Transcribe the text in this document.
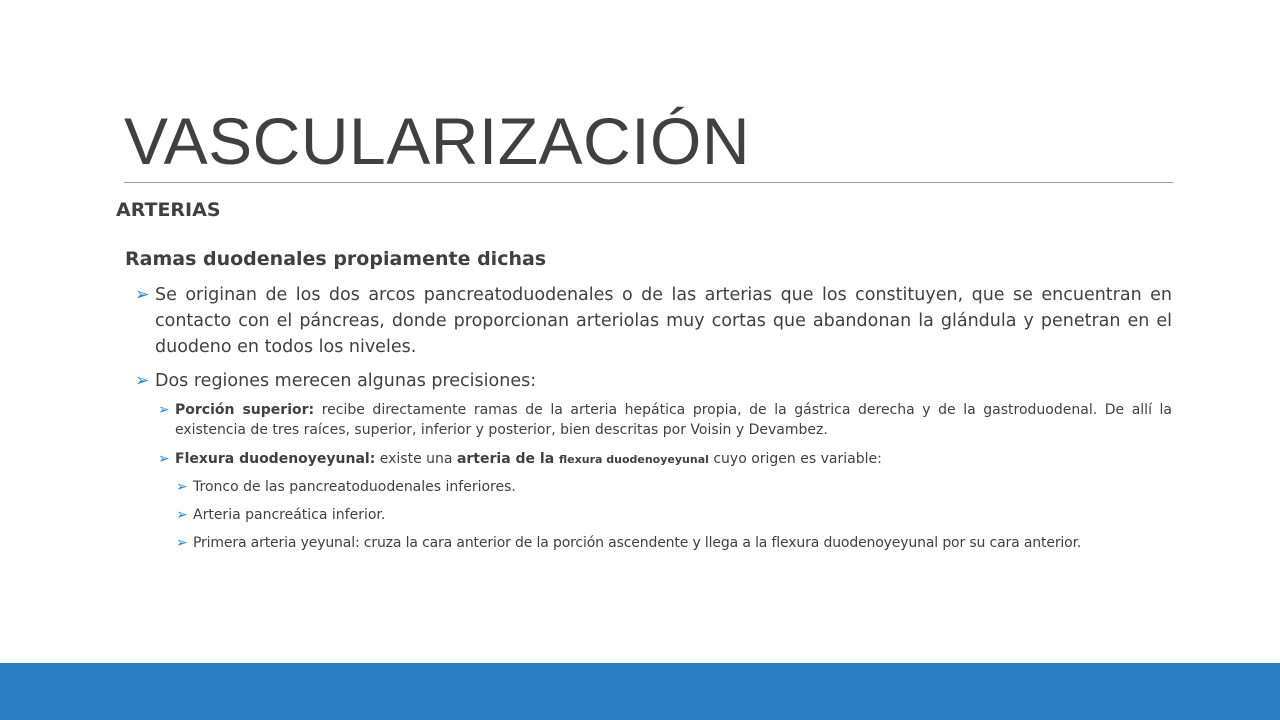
VASCULARIZACIÓN
ARTERIAS
Ramas duodenales propiamente dichas
➢ Se originan de los dos arcos pancreatoduodenales o de las arterias que los constituyen, que se encuentran en contacto con el páncreas, donde proporcionan arteriolas muy cortas que abandonan la glándula y penetran en el duodeno en todos los niveles.
➢ Dos regiones merecen algunas precisiones:
➢ Porción superior: recibe directamente ramas de la arteria hepática propia, de la gástrica derecha y de la gastroduodenal. De allí la existencia de tres raíces, superior, inferior y posterior, bien descritas por Voisin y Devambez.
➢ Flexura duodenoyeyunal: existe una arteria de la flexura duodenoyeyunal cuyo origen es variable:
➢ Tronco de las pancreatoduodenales inferiores.
➢ Arteria pancreática inferior.
➢ Primera arteria yeyunal: cruza la cara anterior de la porción ascendente y llega a la flexura duodenoyeyunal por su cara anterior.
